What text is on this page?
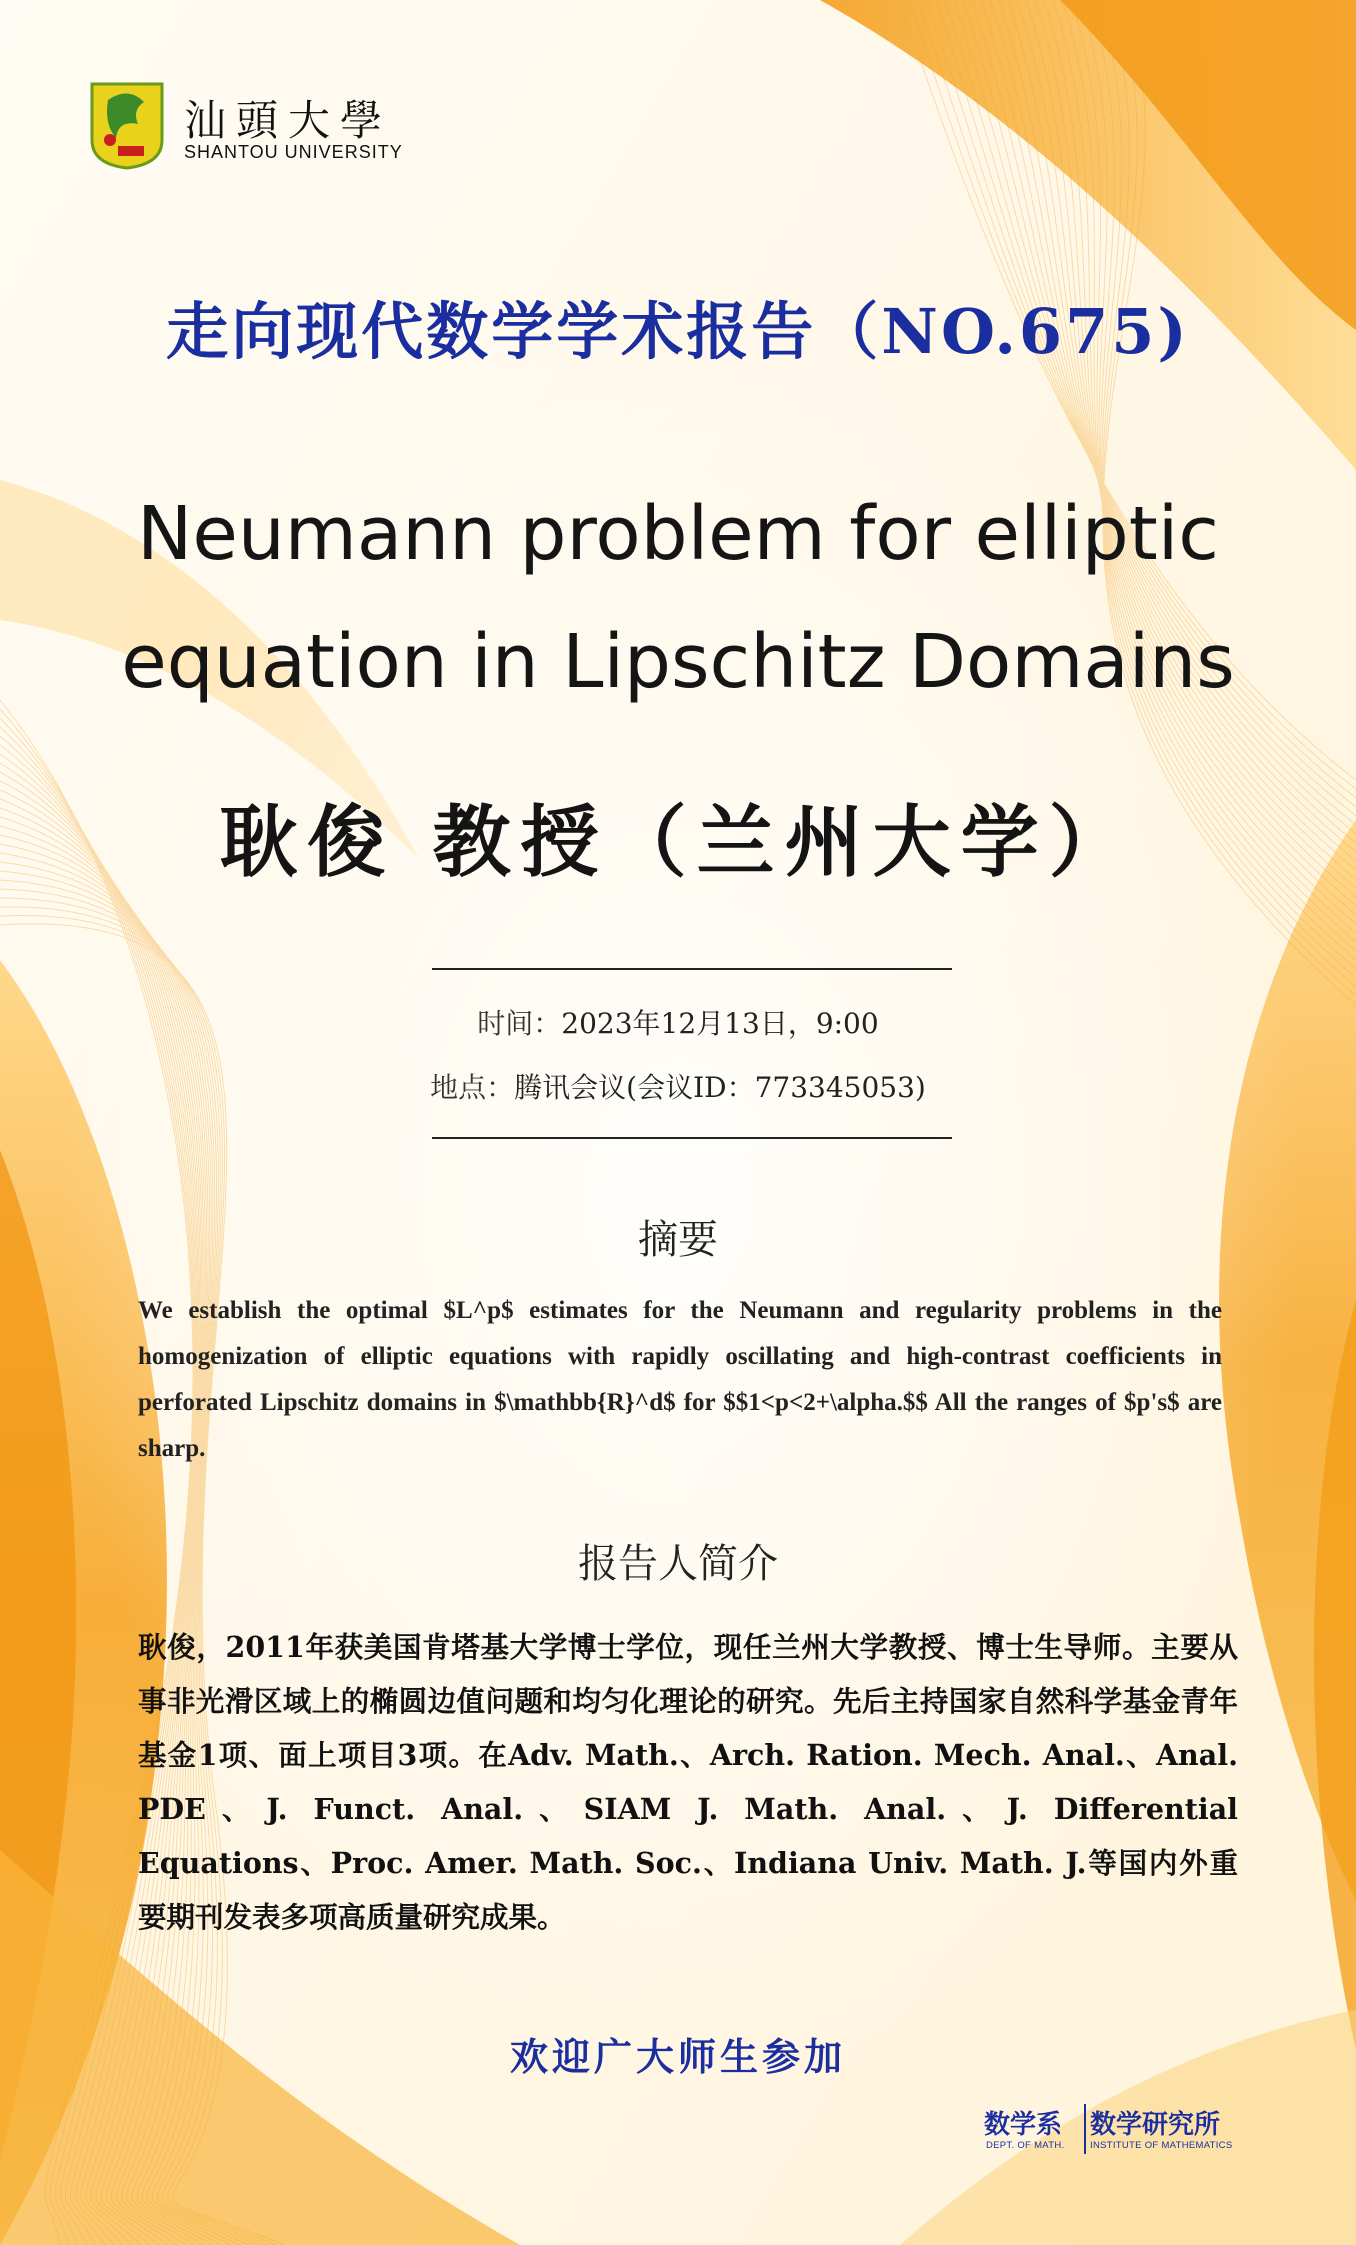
汕頭大學
SHANTOU UNIVERSITY
走向现代数学学术报告（NO.675)
Neumann problem for elliptic
equation in Lipschitz Domains
耿俊 教授（兰州大学）
时间：2023年12月13日，9:00
地点：腾讯会议(会议ID：773345053)
摘要
We establish the optimal $L^p$ estimates for the Neumann and regularity problems in the homogenization of elliptic equations with rapidly oscillating and high-contrast coefficients in perforated Lipschitz domains in $\mathbb{R}^d$ for $$1<p<2+\alpha.$$ All the ranges of $p's$ are sharp.
报告人简介
耿俊，2011年获美国肯塔基大学博士学位，现任兰州大学教授、博士生导师。主要从事非光滑区域上的椭圆边值问题和均匀化理论的研究。先后主持国家自然科学基金青年基金1项、面上项目3项。在Adv. Math.、Arch. Ration. Mech. Anal.、Anal. PDE、J. Funct. Anal.、SIAM J. Math. Anal.、J. Differential Equations、Proc. Amer. Math. Soc.、Indiana Univ. Math. J.等国内外重要期刊发表多项高质量研究成果。
欢迎广大师生参加
数学系
DEPT. OF MATH.
数学研究所
INSTITUTE OF MATHEMATICS
